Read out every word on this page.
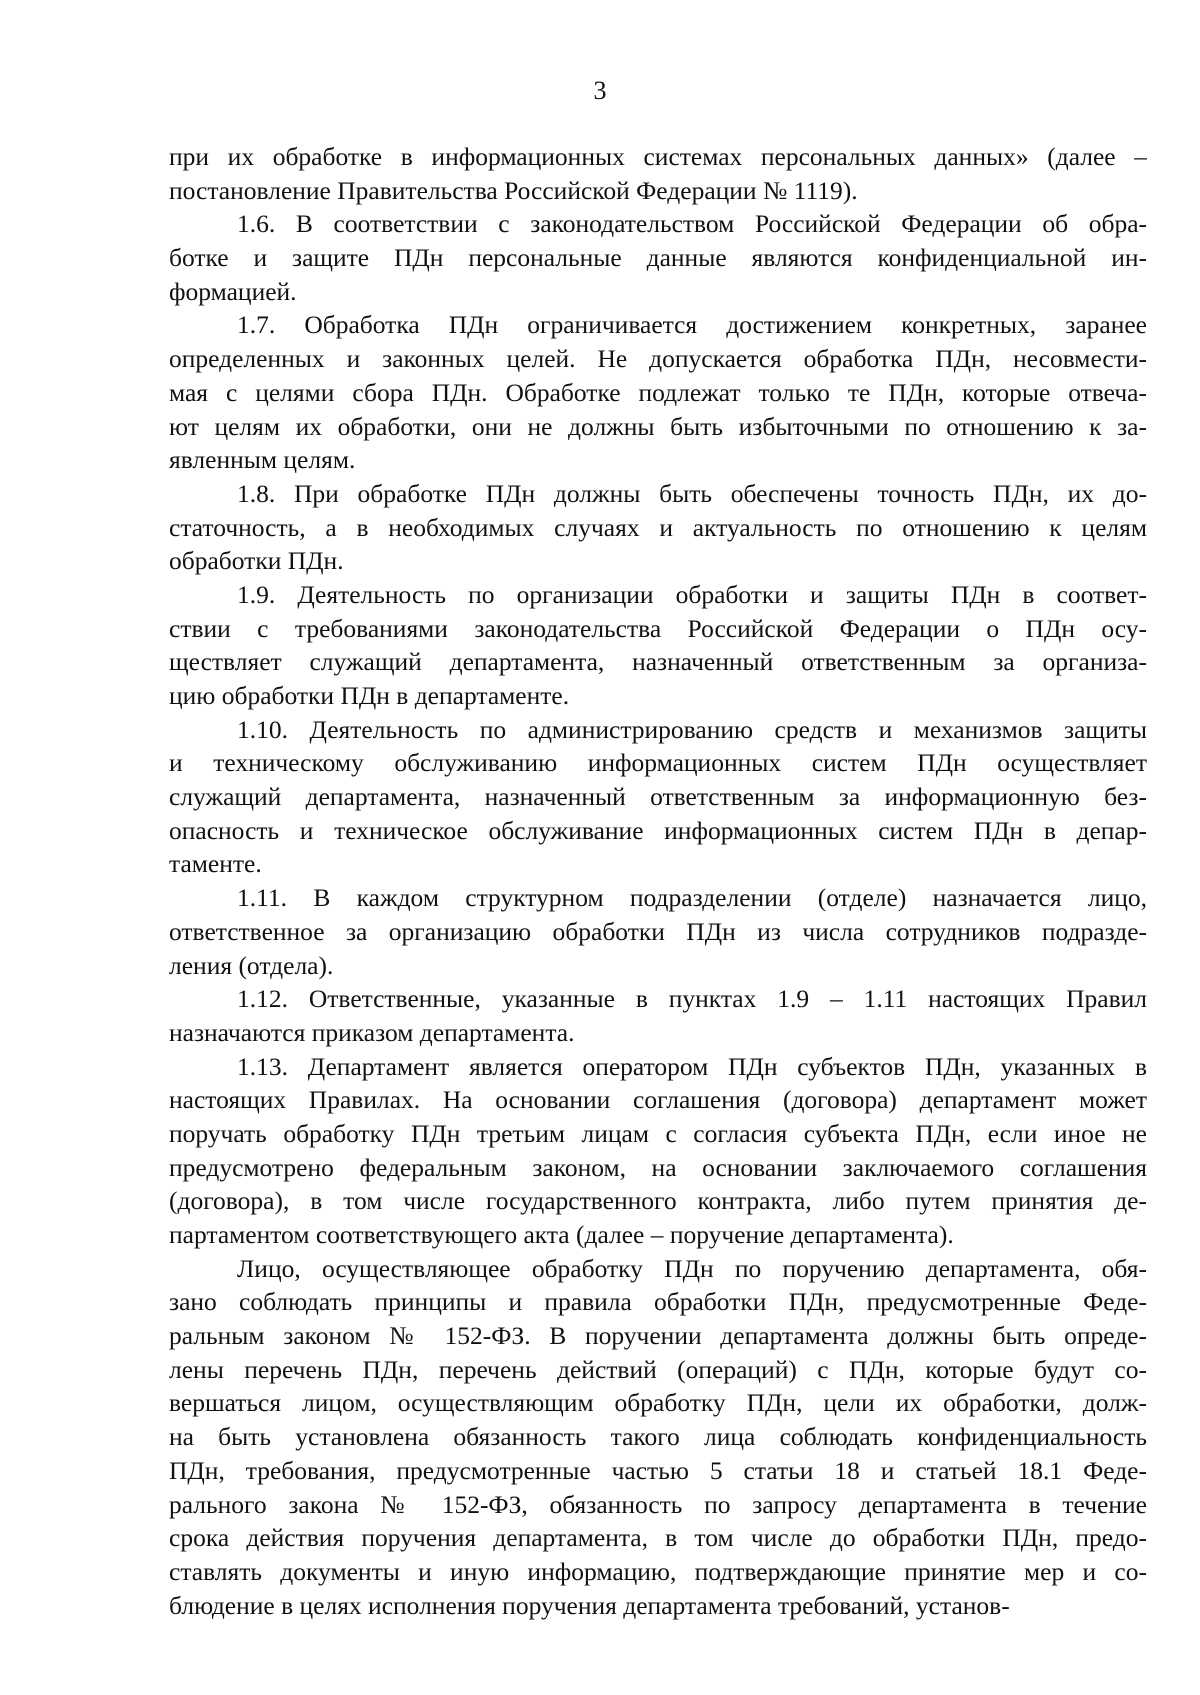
3
при их обработке в информационных системах персональных данных» (далее –
постановление Правительства Российской Федерации № 1119).
1.6. В соответствии с законодательством Российской Федерации об обра-
ботке и защите ПДн персональные данные являются конфиденциальной ин-
формацией.
1.7. Обработка ПДн ограничивается достижением конкретных, заранее
определенных и законных целей. Не допускается обработка ПДн, несовмести-
мая с целями сбора ПДн. Обработке подлежат только те ПДн, которые отвеча-
ют целям их обработки, они не должны быть избыточными по отношению к за-
явленным целям.
1.8. При обработке ПДн должны быть обеспечены точность ПДн, их до-
статочность, а в необходимых случаях и актуальность по отношению к целям
обработки ПДн.
1.9. Деятельность по организации обработки и защиты ПДн в соответ-
ствии с требованиями законодательства Российской Федерации о ПДн осу-
ществляет служащий департамента, назначенный ответственным за организа-
цию обработки ПДн в департаменте.
1.10. Деятельность по администрированию средств и механизмов защиты
и техническому обслуживанию информационных систем ПДн осуществляет
служащий департамента, назначенный ответственным за информационную без-
опасность и техническое обслуживание информационных систем ПДн в депар-
таменте.
1.11. В каждом структурном подразделении (отделе) назначается лицо,
ответственное за организацию обработки ПДн из числа сотрудников подразде-
ления (отдела).
1.12. Ответственные, указанные в пунктах 1.9 – 1.11 настоящих Правил
назначаются приказом департамента.
1.13. Департамент является оператором ПДн субъектов ПДн, указанных в
настоящих Правилах. На основании соглашения (договора) департамент может
поручать обработку ПДн третьим лицам с согласия субъекта ПДн, если иное не
предусмотрено федеральным законом, на основании заключаемого соглашения
(договора), в том числе государственного контракта, либо путем принятия де-
партаментом соответствующего акта (далее – поручение департамента).
Лицо, осуществляющее обработку ПДн по поручению департамента, обя-
зано соблюдать принципы и правила обработки ПДн, предусмотренные Феде-
ральным законом № 152-ФЗ. В поручении департамента должны быть опреде-
лены перечень ПДн, перечень действий (операций) с ПДн, которые будут со-
вершаться лицом, осуществляющим обработку ПДн, цели их обработки, долж-
на быть установлена обязанность такого лица соблюдать конфиденциальность
ПДн, требования, предусмотренные частью 5 статьи 18 и статьей 18.1 Феде-
рального закона № 152-ФЗ, обязанность по запросу департамента в течение
срока действия поручения департамента, в том числе до обработки ПДн, предо-
ставлять документы и иную информацию, подтверждающие принятие мер и со-
блюдение в целях исполнения поручения департамента требований, установ-
